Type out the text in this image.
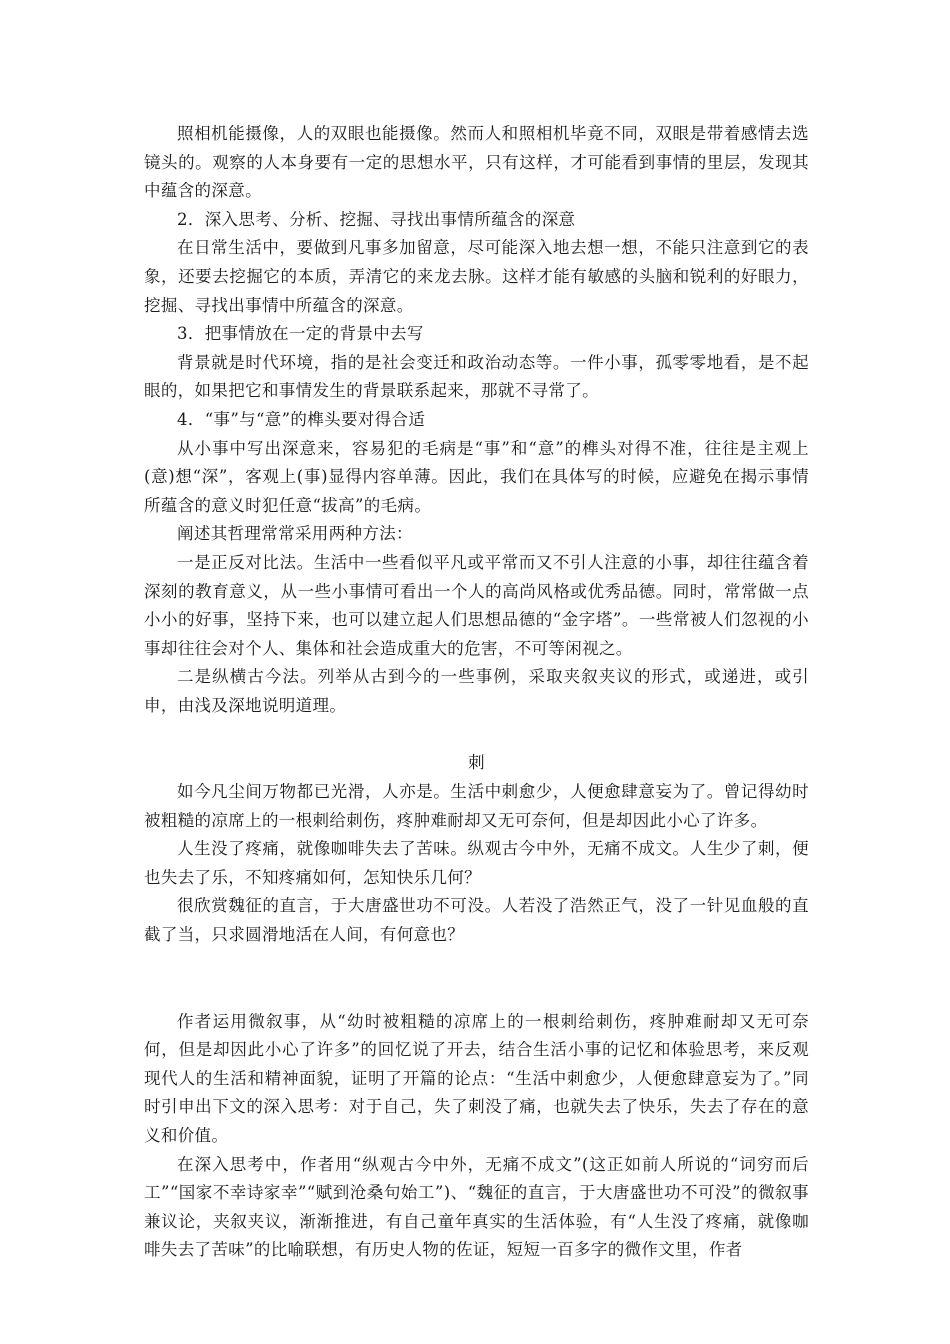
照相机能摄像，人的双眼也能摄像。然而人和照相机毕竟不同，双眼是带着感情去选镜头的。观察的人本身要有一定的思想水平，只有这样，才可能看到事情的里层，发现其中蕴含的深意。

2．深入思考、分析、挖掘、寻找出事情所蕴含的深意

在日常生活中，要做到凡事多加留意，尽可能深入地去想一想，不能只注意到它的表象，还要去挖掘它的本质，弄清它的来龙去脉。这样才能有敏感的头脑和锐利的好眼力，挖掘、寻找出事情中所蕴含的深意。

3．把事情放在一定的背景中去写

背景就是时代环境，指的是社会变迁和政治动态等。一件小事，孤零零地看，是不起眼的，如果把它和事情发生的背景联系起来，那就不寻常了。

4．“事”与“意”的榫头要对得合适

从小事中写出深意来，容易犯的毛病是“事”和“意”的榫头对得不准，往往是主观上(意)想“深”，客观上(事)显得内容单薄。因此，我们在具体写的时候，应避免在揭示事情所蕴含的意义时犯任意“拔高”的毛病。

阐述其哲理常常采用两种方法：

一是正反对比法。生活中一些看似平凡或平常而又不引人注意的小事，却往往蕴含着深刻的教育意义，从一些小事情可看出一个人的高尚风格或优秀品德。同时，常常做一点小小的好事，坚持下来，也可以建立起人们思想品德的“金字塔”。一些常被人们忽视的小事却往往会对个人、集体和社会造成重大的危害，不可等闲视之。

二是纵横古今法。列举从古到今的一些事例，采取夹叙夹议的形式，或递进，或引申，由浅及深地说明道理。

刺

如今凡尘间万物都已光滑，人亦是。生活中刺愈少，人便愈肆意妄为了。曾记得幼时被粗糙的凉席上的一根刺给刺伤，疼肿难耐却又无可奈何，但是却因此小心了许多。

人生没了疼痛，就像咖啡失去了苦味。纵观古今中外，无痛不成文。人生少了刺，便也失去了乐，不知疼痛如何，怎知快乐几何？

很欣赏魏征的直言，于大唐盛世功不可没。人若没了浩然正气，没了一针见血般的直截了当，只求圆滑地活在人间，有何意也？

作者运用微叙事，从“幼时被粗糙的凉席上的一根刺给刺伤，疼肿难耐却又无可奈何，但是却因此小心了许多”的回忆说了开去，结合生活小事的记忆和体验思考，来反观现代人的生活和精神面貌，证明了开篇的论点：“生活中刺愈少，人便愈肆意妄为了。”同时引申出下文的深入思考：对于自己，失了刺没了痛，也就失去了快乐，失去了存在的意义和价值。

在深入思考中，作者用“纵观古今中外，无痛不成文”(这正如前人所说的“词穷而后工”“国家不幸诗家幸”“赋到沧桑句始工”)、“魏征的直言，于大唐盛世功不可没”的微叙事兼议论，夹叙夹议，渐渐推进，有自己童年真实的生活体验，有“人生没了疼痛，就像咖啡失去了苦味”的比喻联想，有历史人物的佐证，短短一百多字的微作文里，作者
